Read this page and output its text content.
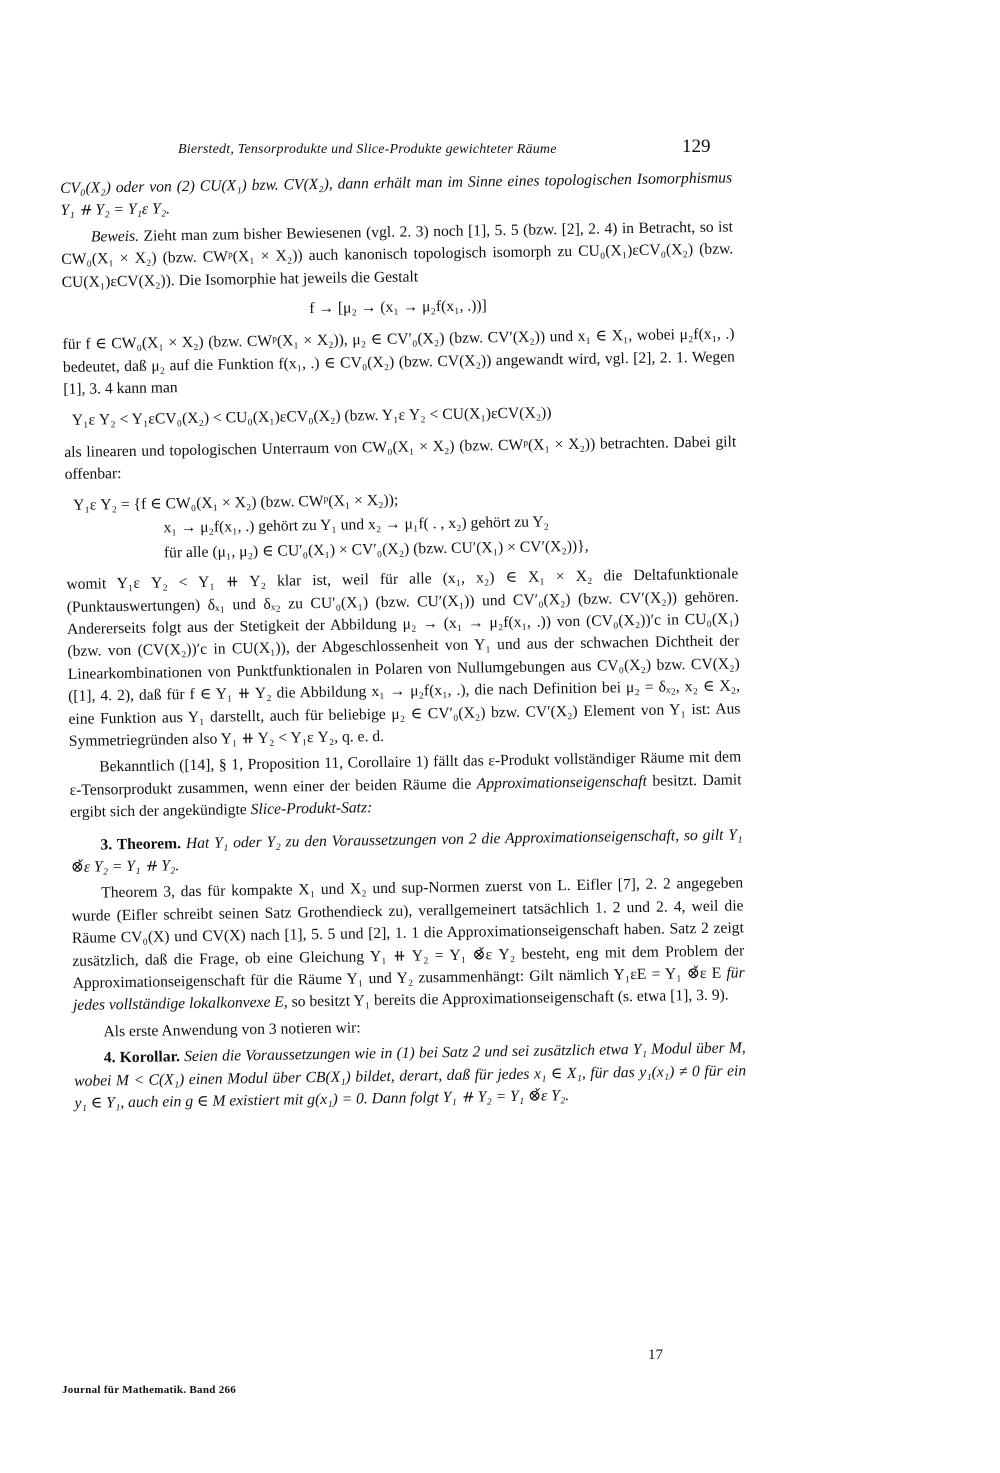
Bierstedt, Tensorprodukte und Slice-Produkte gewichteter Räume	129

CV₀(X₂) oder von (2) CU(X₁) bzw. CV(X₂), dann erhält man im Sinne eines topologischen Isomorphismus Y₁ ⧺ Y₂ = Y₁ε Y₂.

Beweis. Zieht man zum bisher Bewiesenen (vgl. 2. 3) noch [1], 5. 5 (bzw. [2], 2. 4) in Betracht, so ist CW₀(X₁ × X₂) (bzw. CWᵖ(X₁ × X₂)) auch kanonisch topologisch isomorph zu CU₀(X₁)εCV₀(X₂) (bzw. CU(X₁)εCV(X₂)). Die Isomorphie hat jeweils die Gestalt

f → [μ₂ → (x₁ → μ₂f(x₁, .))]

für f ∈ CW₀(X₁ × X₂) (bzw. CWᵖ(X₁ × X₂)), μ₂ ∈ CV′₀(X₂) (bzw. CV′(X₂)) und x₁ ∈ X₁, wobei μ₂f(x₁, .) bedeutet, daß μ₂ auf die Funktion f(x₁, .) ∈ CV₀(X₂) (bzw. CV(X₂)) angewandt wird, vgl. [2], 2. 1. Wegen [1], 3. 4 kann man

Y₁ε Y₂ < Y₁εCV₀(X₂) < CU₀(X₁)εCV₀(X₂) (bzw. Y₁ε Y₂ < CU(X₁)εCV(X₂))

als linearen und topologischen Unterraum von CW₀(X₁ × X₂) (bzw. CWᵖ(X₁ × X₂)) betrachten. Dabei gilt offenbar:

Y₁ε Y₂ = {f ∈ CW₀(X₁ × X₂) (bzw. CWᵖ(X₁ × X₂));
x₁ → μ₂f(x₁, .) gehört zu Y₁ und x₂ → μ₁f( . , x₂) gehört zu Y₂
für alle (μ₁, μ₂) ∈ CU′₀(X₁) × CV′₀(X₂) (bzw. CU′(X₁) × CV′(X₂))},

womit Y₁ε Y₂ < Y₁ ⧺ Y₂ klar ist, weil für alle (x₁, x₂) ∈ X₁ × X₂ die Deltafunktionale (Punktauswertungen) δₓ₁ und δₓ₂ zu CU′₀(X₁) (bzw. CU′(X₁)) und CV′₀(X₂) (bzw. CV′(X₂)) gehören. Andererseits folgt aus der Stetigkeit der Abbildung μ₂ → (x₁ → μ₂f(x₁, .)) von (CV₀(X₂))′c in CU₀(X₁) (bzw. von (CV(X₂))′c in CU(X₁)), der Abgeschlossenheit von Y₁ und aus der schwachen Dichtheit der Linearkombinationen von Punktfunktionalen in Polaren von Nullumgebungen aus CV₀(X₂) bzw. CV(X₂) ([1], 4. 2), daß für f ∈ Y₁ ⧺ Y₂ die Abbildung x₁ → μ₂f(x₁, .), die nach Definition bei μ₂ = δₓ₂, x₂ ∈ X₂, eine Funktion aus Y₁ darstellt, auch für beliebige μ₂ ∈ CV′₀(X₂) bzw. CV′(X₂) Element von Y₁ ist: Aus Symmetriegründen also Y₁ ⧺ Y₂ < Y₁ε Y₂, q. e. d.

Bekanntlich ([14], § 1, Proposition 11, Corollaire 1) fällt das ε-Produkt vollständiger Räume mit dem ε-Tensorprodukt zusammen, wenn einer der beiden Räume die Approximationseigenschaft besitzt. Damit ergibt sich der angekündigte Slice-Produkt-Satz:

3. Theorem. Hat Y₁ oder Y₂ zu den Voraussetzungen von 2 die Approximationseigenschaft, so gilt Y₁ ⊗̌ε Y₂ = Y₁ ⧺ Y₂.

Theorem 3, das für kompakte X₁ und X₂ und sup-Normen zuerst von L. Eifler [7], 2. 2 angegeben wurde (Eifler schreibt seinen Satz Grothendieck zu), verallgemeinert tatsächlich 1. 2 und 2. 4, weil die Räume CV₀(X) und CV(X) nach [1], 5. 5 und [2], 1. 1 die Approximationseigenschaft haben. Satz 2 zeigt zusätzlich, daß die Frage, ob eine Gleichung Y₁ ⧺ Y₂ = Y₁ ⊗̌ε Y₂ besteht, eng mit dem Problem der Approximationseigenschaft für die Räume Y₁ und Y₂ zusammenhängt: Gilt nämlich Y₁εE = Y₁ ⊗̌ε E für jedes vollständige lokalkonvexe E, so besitzt Y₁ bereits die Approximationseigenschaft (s. etwa [1], 3. 9).

Als erste Anwendung von 3 notieren wir:

4. Korollar. Seien die Voraussetzungen wie in (1) bei Satz 2 und sei zusätzlich etwa Y₁ Modul über M, wobei M < C(X₁) einen Modul über CB(X₁) bildet, derart, daß für jedes x₁ ∈ X₁, für das y₁(x₁) ≠ 0 für ein y₁ ∈ Y₁, auch ein g ∈ M existiert mit g(x₁) = 0. Dann folgt Y₁ ⧺ Y₂ = Y₁ ⊗̌ε Y₂.

17
Journal für Mathematik. Band 266
